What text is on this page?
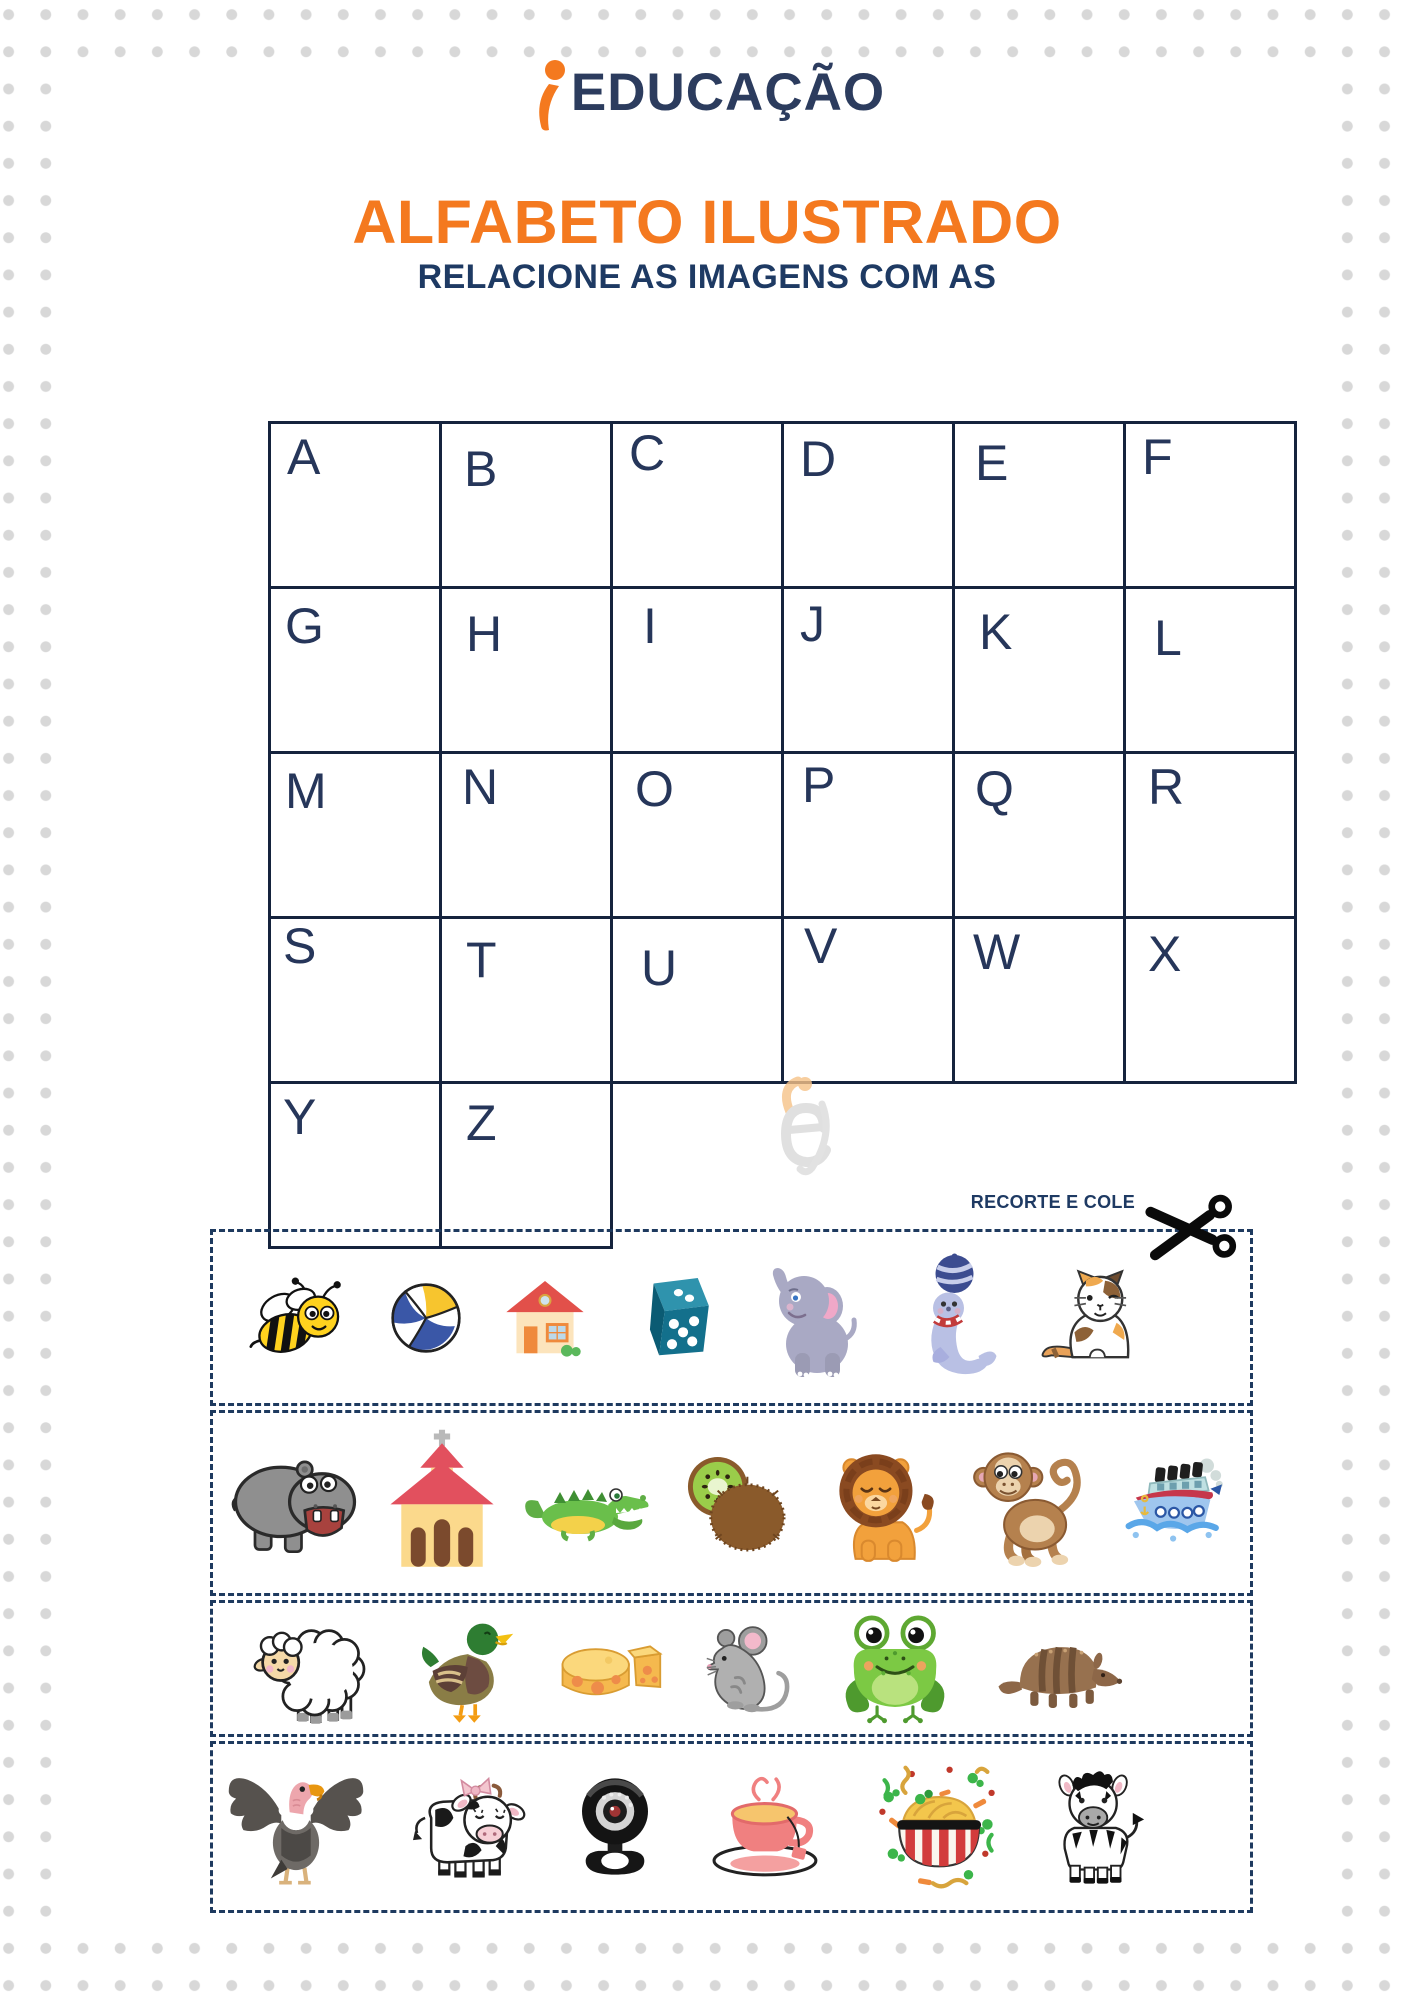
EDUCAÇÃO
ALFABETO ILUSTRADO
RELACIONE AS IMAGENS COM AS
A	B	C	D	E	F
G	H	I	J	K	L
M	N	O	P	Q	R
S	T	U	V	W	X
Y	Z				
RECORTE E COLE
